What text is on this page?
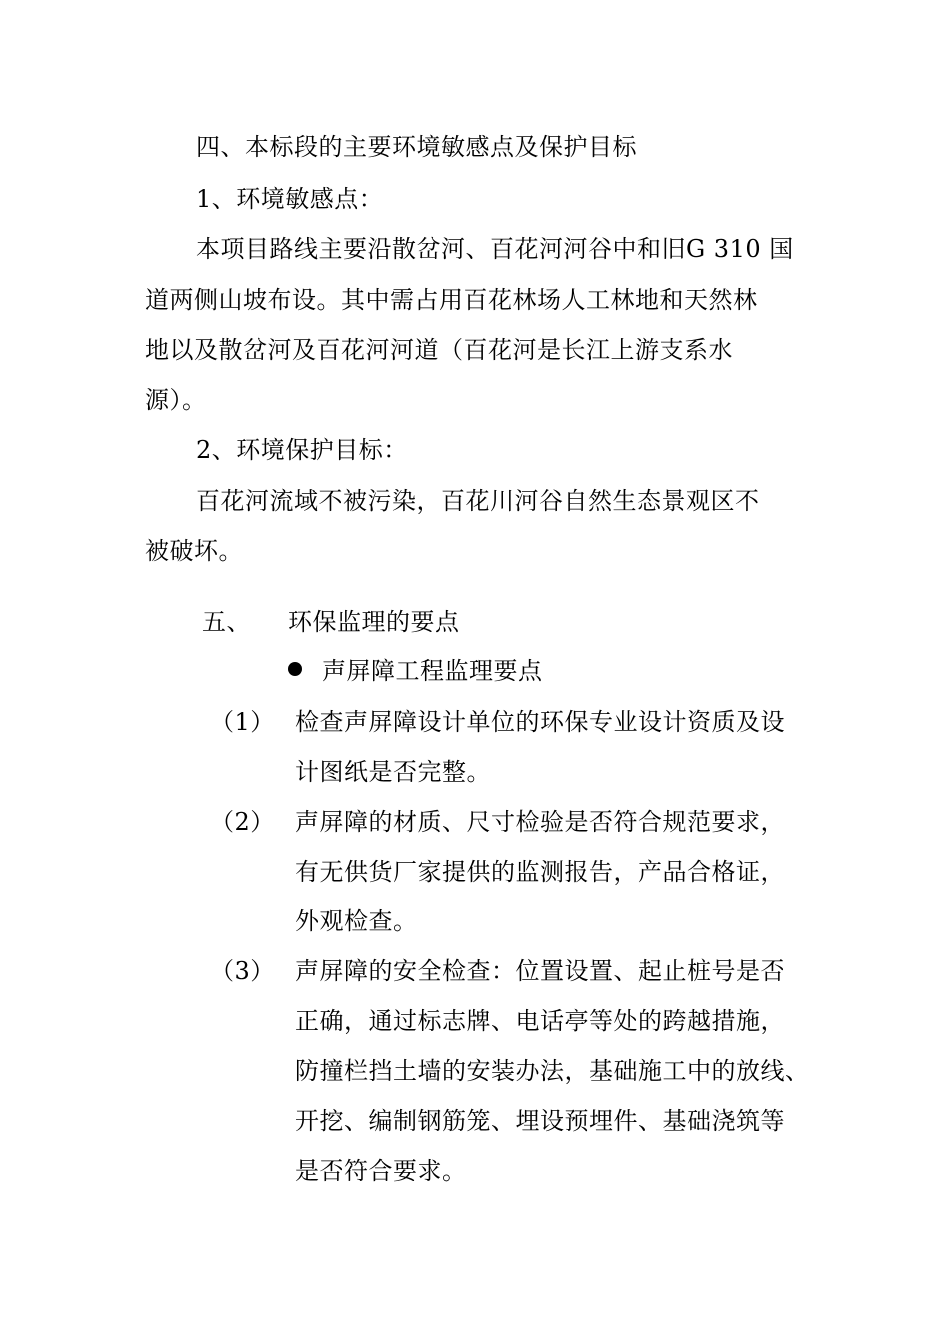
四、本标段的主要环境敏感点及保护目标
1、环境敏感点：
本项目路线主要沿散岔河、百花河河谷中和旧G 310 国
道两侧山坡布设。其中需占用百花林场人工林地和天然林
地以及散岔河及百花河河道（百花河是长江上游支系水
源）。
2、环境保护目标：
百花河流域不被污染，百花川河谷自然生态景观区不
被破坏。
五、 环保监理的要点
声屏障工程监理要点
（1） 检查声屏障设计单位的环保专业设计资质及设
计图纸是否完整。
（2） 声屏障的材质、尺寸检验是否符合规范要求，
有无供货厂家提供的监测报告，产品合格证，
外观检查。
（3） 声屏障的安全检查：位置设置、起止桩号是否
正确，通过标志牌、电话亭等处的跨越措施，
防撞栏挡土墙的安装办法，基础施工中的放线、
开挖、编制钢筋笼、埋设预埋件、基础浇筑等
是否符合要求。
